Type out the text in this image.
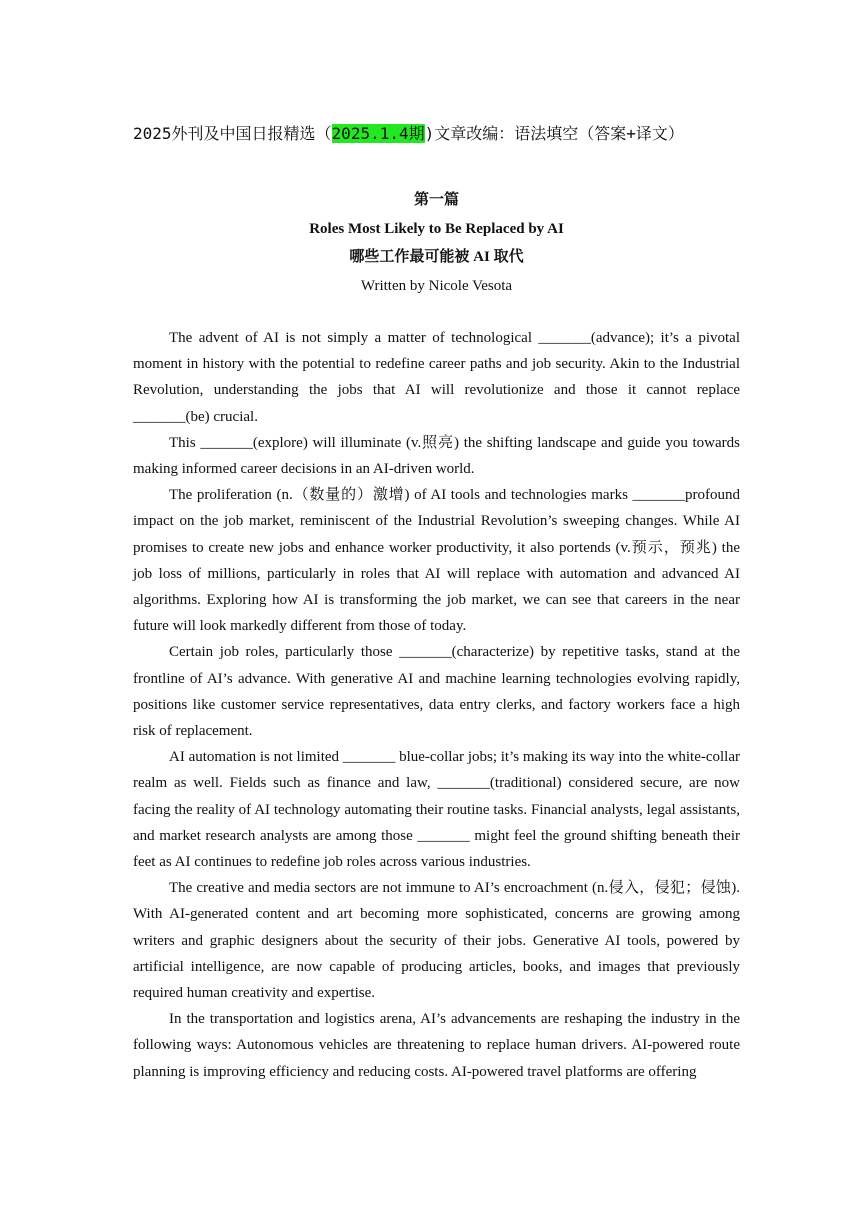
2025外刊及中国日报精选（2025.1.4期)文章改编：语法填空（答案+译文）
第一篇
Roles Most Likely to Be Replaced by AI
哪些工作最可能被 AI 取代
Written by Nicole Vesota

The advent of AI is not simply a matter of technological _______(advance); it’s a pivotal moment in history with the potential to redefine career paths and job security. Akin to the Industrial Revolution, understanding the jobs that AI will revolutionize and those it cannot replace _______(be) crucial.

This _______(explore) will illuminate (v.照亮) the shifting landscape and guide you towards making informed career decisions in an AI-driven world.

The proliferation (n.（数量的）激增) of AI tools and technologies marks _______profound impact on the job market, reminiscent of the Industrial Revolution’s sweeping changes. While AI promises to create new jobs and enhance worker productivity, it also portends (v.预示，预兆) the job loss of millions, particularly in roles that AI will replace with automation and advanced AI algorithms. Exploring how AI is transforming the job market, we can see that careers in the near future will look markedly different from those of today.

Certain job roles, particularly those _______(characterize) by repetitive tasks, stand at the frontline of AI’s advance. With generative AI and machine learning technologies evolving rapidly, positions like customer service representatives, data entry clerks, and factory workers face a high risk of replacement.

AI automation is not limited _______ blue-collar jobs; it’s making its way into the white-collar realm as well. Fields such as finance and law, _______(traditional) considered secure, are now facing the reality of AI technology automating their routine tasks. Financial analysts, legal assistants, and market research analysts are among those _______ might feel the ground shifting beneath their feet as AI continues to redefine job roles across various industries.

The creative and media sectors are not immune to AI’s encroachment (n.侵入，侵犯；侵蚀). With AI-generated content and art becoming more sophisticated, concerns are growing among writers and graphic designers about the security of their jobs. Generative AI tools, powered by artificial intelligence, are now capable of producing articles, books, and images that previously required human creativity and expertise.

In the transportation and logistics arena, AI’s advancements are reshaping the industry in the following ways: Autonomous vehicles are threatening to replace human drivers. AI-powered route planning is improving efficiency and reducing costs. AI-powered travel platforms are offering
